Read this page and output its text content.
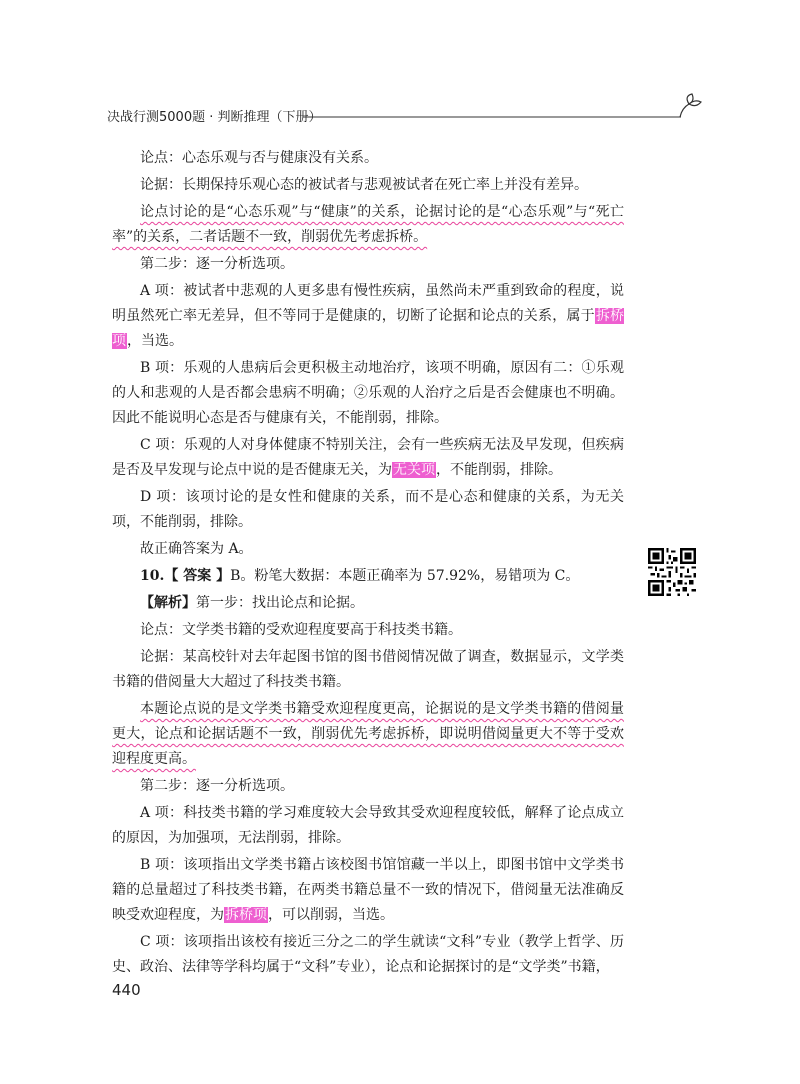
决战行测5000题 · 判断推理（下册）

论点：心态乐观与否与健康没有关系。

论据：长期保持乐观心态的被试者与悲观被试者在死亡率上并没有差异。

论点讨论的是“心态乐观”与“健康”的关系，论据讨论的是“心态乐观”与“死亡率”的关系，二者话题不一致，削弱优先考虑拆桥。

第二步：逐一分析选项。

A 项：被试者中悲观的人更多患有慢性疾病，虽然尚未严重到致命的程度，说明虽然死亡率无差异，但不等同于是健康的，切断了论据和论点的关系，属于拆桥项，当选。

B 项：乐观的人患病后会更积极主动地治疗，该项不明确，原因有二：①乐观的人和悲观的人是否都会患病不明确；②乐观的人治疗之后是否会健康也不明确。因此不能说明心态是否与健康有关，不能削弱，排除。

C 项：乐观的人对身体健康不特别关注，会有一些疾病无法及早发现，但疾病是否及早发现与论点中说的是否健康无关，为无关项，不能削弱，排除。

D 项：该项讨论的是女性和健康的关系，而不是心态和健康的关系，为无关项，不能削弱，排除。

故正确答案为 A。

10.【 答案 】B。粉笔大数据：本题正确率为 57.92%，易错项为 C。

【解析】第一步：找出论点和论据。

论点：文学类书籍的受欢迎程度要高于科技类书籍。

论据：某高校针对去年起图书馆的图书借阅情况做了调查，数据显示，文学类书籍的借阅量大大超过了科技类书籍。

本题论点说的是文学类书籍受欢迎程度更高，论据说的是文学类书籍的借阅量更大，论点和论据话题不一致，削弱优先考虑拆桥，即说明借阅量更大不等于受欢迎程度更高。

第二步：逐一分析选项。

A 项：科技类书籍的学习难度较大会导致其受欢迎程度较低，解释了论点成立的原因，为加强项，无法削弱，排除。

B 项：该项指出文学类书籍占该校图书馆馆藏一半以上，即图书馆中文学类书籍的总量超过了科技类书籍，在两类书籍总量不一致的情况下，借阅量无法准确反映受欢迎程度，为拆桥项，可以削弱，当选。

C 项：该项指出该校有接近三分之二的学生就读“文科”专业（教学上哲学、历史、政治、法律等学科均属于“文科”专业），论点和论据探讨的是“文学类”书籍，

440
